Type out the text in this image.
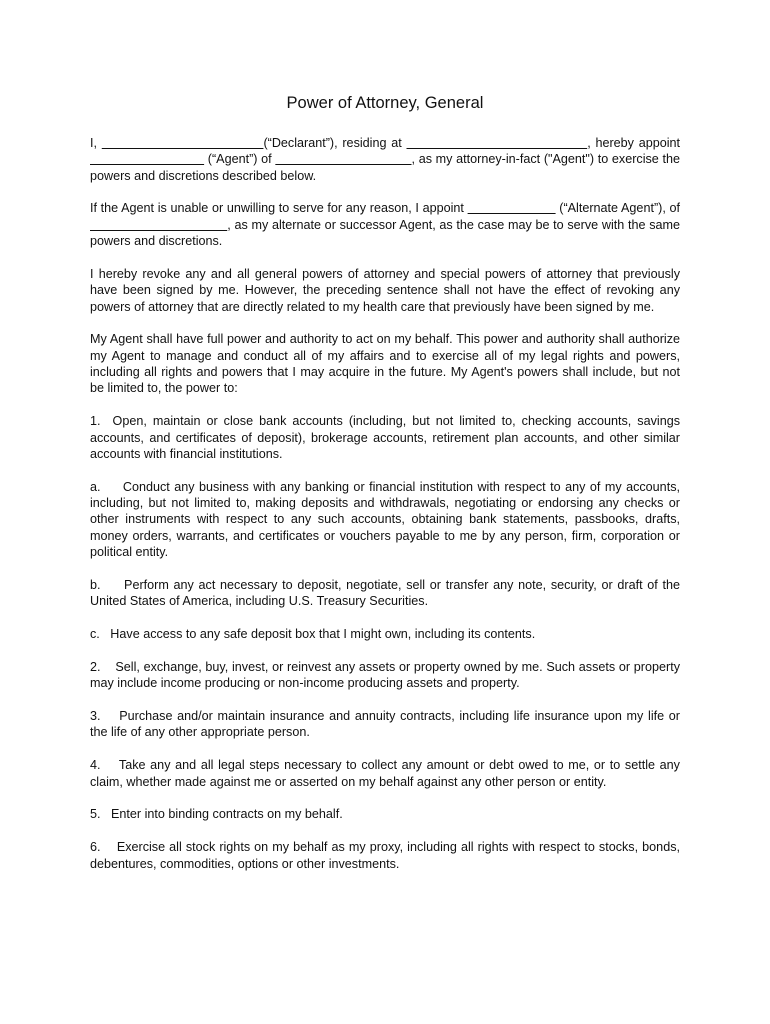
Power of Attorney, General

I,	(“Declarant”), residing at	, hereby appoint                                 (“Agent”) of	, as my attorney-in-fact ("Agent") to exercise the powers and discretions described below.

If the Agent is unable or unwilling to serve for any reason, I appoint	(“Alternate Agent”), of                                      , as my alternate or successor Agent, as the case may be to serve with the same powers and discretions.

I hereby revoke any and all general powers of attorney and special powers of attorney that previously have been signed by me. However, the preceding sentence shall not have the effect of revoking any powers of attorney that are directly related to my health care that previously have been signed by me.

My Agent shall have full power and authority to act on my behalf. This power and authority shall authorize my Agent to manage and conduct all of my affairs and to exercise all of my legal rights and powers, including all rights and powers that I may acquire in the future. My Agent's powers shall include, but not be limited to, the power to:

1. Open, maintain or close bank accounts (including, but not limited to, checking accounts, savings accounts, and certificates of deposit), brokerage accounts, retirement plan accounts, and other similar accounts with financial institutions.

a. Conduct any business with any banking or financial institution with respect to any of my accounts, including, but not limited to, making deposits and withdrawals, negotiating or endorsing any checks or other instruments with respect to any such accounts, obtaining bank statements, passbooks, drafts, money orders, warrants, and certificates or vouchers payable to me by any person, firm, corporation or political entity.

b. Perform any act necessary to deposit, negotiate, sell or transfer any note, security, or draft of the United States of America, including U.S. Treasury Securities.

c. Have access to any safe deposit box that I might own, including its contents.

2. Sell, exchange, buy, invest, or reinvest any assets or property owned by me. Such assets or property may include income producing or non-income producing assets and property.

3. Purchase and/or maintain insurance and annuity contracts, including life insurance upon my life or the life of any other appropriate person.

4. Take any and all legal steps necessary to collect any amount or debt owed to me, or to settle any claim, whether made against me or asserted on my behalf against any other person or entity.

5. Enter into binding contracts on my behalf.

6. Exercise all stock rights on my behalf as my proxy, including all rights with respect to stocks, bonds, debentures, commodities, options or other investments.
